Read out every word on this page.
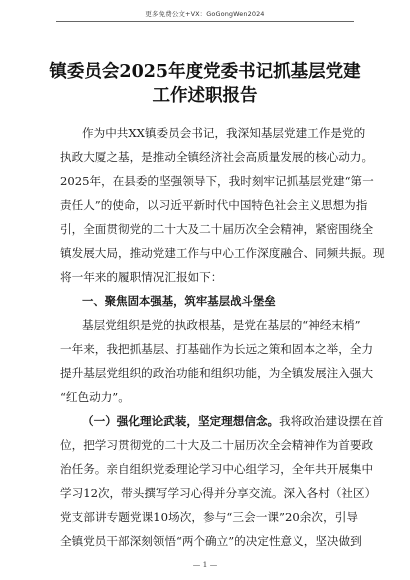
更多免费公文+VX：GoGongWen2024
镇委员会2025年度党委书记抓基层党建
工作述职报告
作为中共XX镇委员会书记，我深知基层党建工作是党的
执政大厦之基，是推动全镇经济社会高质量发展的核心动力。
2025年，在县委的坚强领导下，我时刻牢记抓基层党建“第一
责任人”的使命，以习近平新时代中国特色社会主义思想为指
引，全面贯彻党的二十大及二十届历次全会精神，紧密围绕全
镇发展大局，推动党建工作与中心工作深度融合、同频共振。现
将一年来的履职情况汇报如下：
一、聚焦固本强基，筑牢基层战斗堡垒
基层党组织是党的执政根基，是党在基层的“神经末梢”
一年来，我把抓基层、打基础作为长远之策和固本之举，全力
提升基层党组织的政治功能和组织功能，为全镇发展注入强大
“红色动力”。
（一）强化理论武装，坚定理想信念。我将政治建设摆在首
位，把学习贯彻党的二十大及二十届历次全会精神作为首要政
治任务。亲自组织党委理论学习中心组学习，全年共开展集中
学习12次，带头撰写学习心得并分享交流。深入各村（社区）
党支部讲专题党课10场次，参与“三会一课”20余次，引导
全镇党员干部深刻领悟“两个确立”的决定性意义，坚决做到
— 1 —
